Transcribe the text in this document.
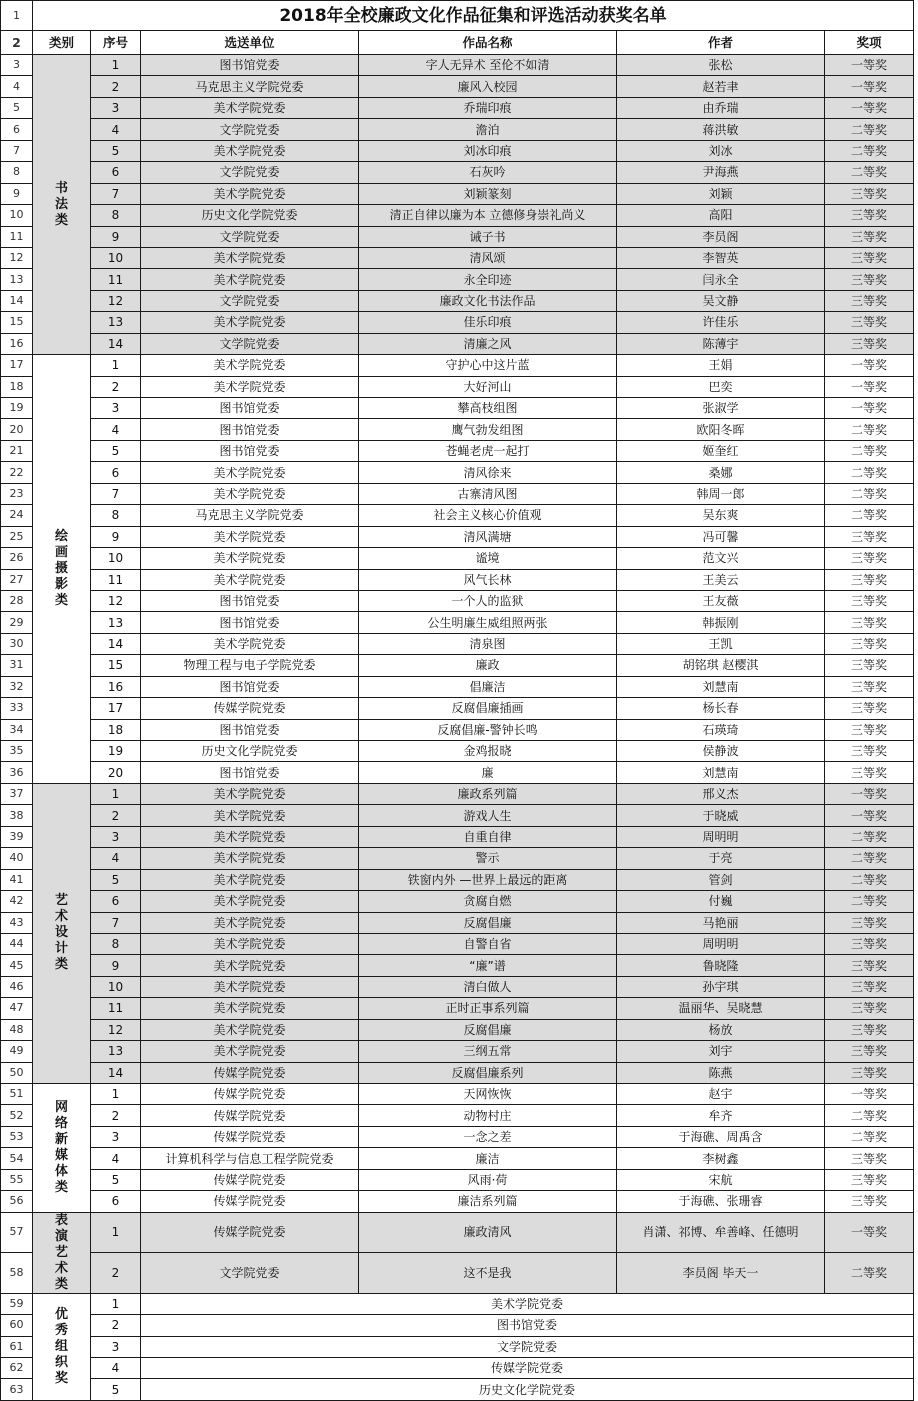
1	2018年全校廉政文化作品征集和评选活动获奖名单					
2	类别	序号	选送单位	作品名称	作者	奖项
3	书法类	1	图书馆党委	字人无异术 至伦不如清	张松	一等奖
4		2	马克思主义学院党委	廉风入校园	赵若聿	一等奖
5		3	美术学院党委	乔瑞印痕	由乔瑞	一等奖
6		4	文学院党委	澹泊	蒋洪敏	二等奖
7		5	美术学院党委	刘冰印痕	刘冰	二等奖
8		6	文学院党委	石灰吟	尹海燕	二等奖
9		7	美术学院党委	刘颖篆刻	刘颖	三等奖
10		8	历史文化学院党委	清正自律以廉为本 立德修身崇礼尚义	高阳	三等奖
11		9	文学院党委	诫子书	李员阁	三等奖
12		10	美术学院党委	清风颂	李智英	三等奖
13		11	美术学院党委	永全印迹	闫永全	三等奖
14		12	文学院党委	廉政文化书法作品	吴文静	三等奖
15		13	美术学院党委	佳乐印痕	许佳乐	三等奖
16		14	文学院党委	清廉之风	陈薄宇	三等奖
17	绘画摄影类	1	美术学院党委	守护心中这片蓝	王娟	一等奖
18		2	美术学院党委	大好河山	巴奕	一等奖
19		3	图书馆党委	攀高枝组图	张淑学	一等奖
20		4	图书馆党委	鹰气勃发组图	欧阳冬晖	二等奖
21		5	图书馆党委	苍蝇老虎一起打	姬奎红	二等奖
22		6	美术学院党委	清风徐来	桑娜	二等奖
23		7	美术学院党委	古寨清风图	韩周一郎	二等奖
24		8	马克思主义学院党委	社会主义核心价值观	吴东爽	二等奖
25		9	美术学院党委	清风满塘	冯可馨	三等奖
26		10	美术学院党委	谧境	范文兴	三等奖
27		11	美术学院党委	风气长林	王美云	三等奖
28		12	图书馆党委	一个人的监狱	王友薇	三等奖
29		13	图书馆党委	公生明廉生威组照两张	韩振刚	三等奖
30		14	美术学院党委	清泉图	王凯	三等奖
31		15	物理工程与电子学院党委	廉政	胡铭琪 赵樱淇	三等奖
32		16	图书馆党委	倡廉洁	刘慧南	三等奖
33		17	传媒学院党委	反腐倡廉插画	杨长春	三等奖
34		18	图书馆党委	反腐倡廉-警钟长鸣	石瑛琦	三等奖
35		19	历史文化学院党委	金鸡报晓	侯静波	三等奖
36		20	图书馆党委	廉	刘慧南	三等奖
37	艺术设计类	1	美术学院党委	廉政系列篇	邢义杰	一等奖
38		2	美术学院党委	游戏人生	于晓威	一等奖
39		3	美术学院党委	自重自律	周明明	二等奖
40		4	美术学院党委	警示	于亮	二等奖
41		5	美术学院党委	铁窗内外 —世界上最远的距离	管剑	二等奖
42		6	美术学院党委	贪腐自燃	付巍	二等奖
43		7	美术学院党委	反腐倡廉	马艳丽	三等奖
44		8	美术学院党委	自警自省	周明明	三等奖
45		9	美术学院党委	“廉”谱	鲁晓隆	三等奖
46		10	美术学院党委	清白做人	孙宇琪	三等奖
47		11	美术学院党委	正时正事系列篇	温丽华、吴晓慧	三等奖
48		12	美术学院党委	反腐倡廉	杨放	三等奖
49		13	美术学院党委	三纲五常	刘宇	三等奖
50		14	传媒学院党委	反腐倡廉系列	陈燕	三等奖
51	网络新媒体类	1	传媒学院党委	天网恢恢	赵宇	一等奖
52		2	传媒学院党委	动物村庄	牟齐	二等奖
53		3	传媒学院党委	一念之差	于海礁、周禹含	二等奖
54		4	计算机科学与信息工程学院党委	廉洁	李树鑫	三等奖
55		5	传媒学院党委	风雨·荷	宋航	三等奖
56		6	传媒学院党委	廉洁系列篇	于海礁、张珊睿	三等奖
57	表演艺术类	1	传媒学院党委	廉政清风	肖潇、祁博、牟善峰、任德明	一等奖
58		2	文学院党委	这不是我	李员阁 毕天一	二等奖
59	优秀组织奖	1	美术学院党委			
60		2	图书馆党委			
61		3	文学院党委			
62		4	传媒学院党委			
63		5	历史文化学院党委			
